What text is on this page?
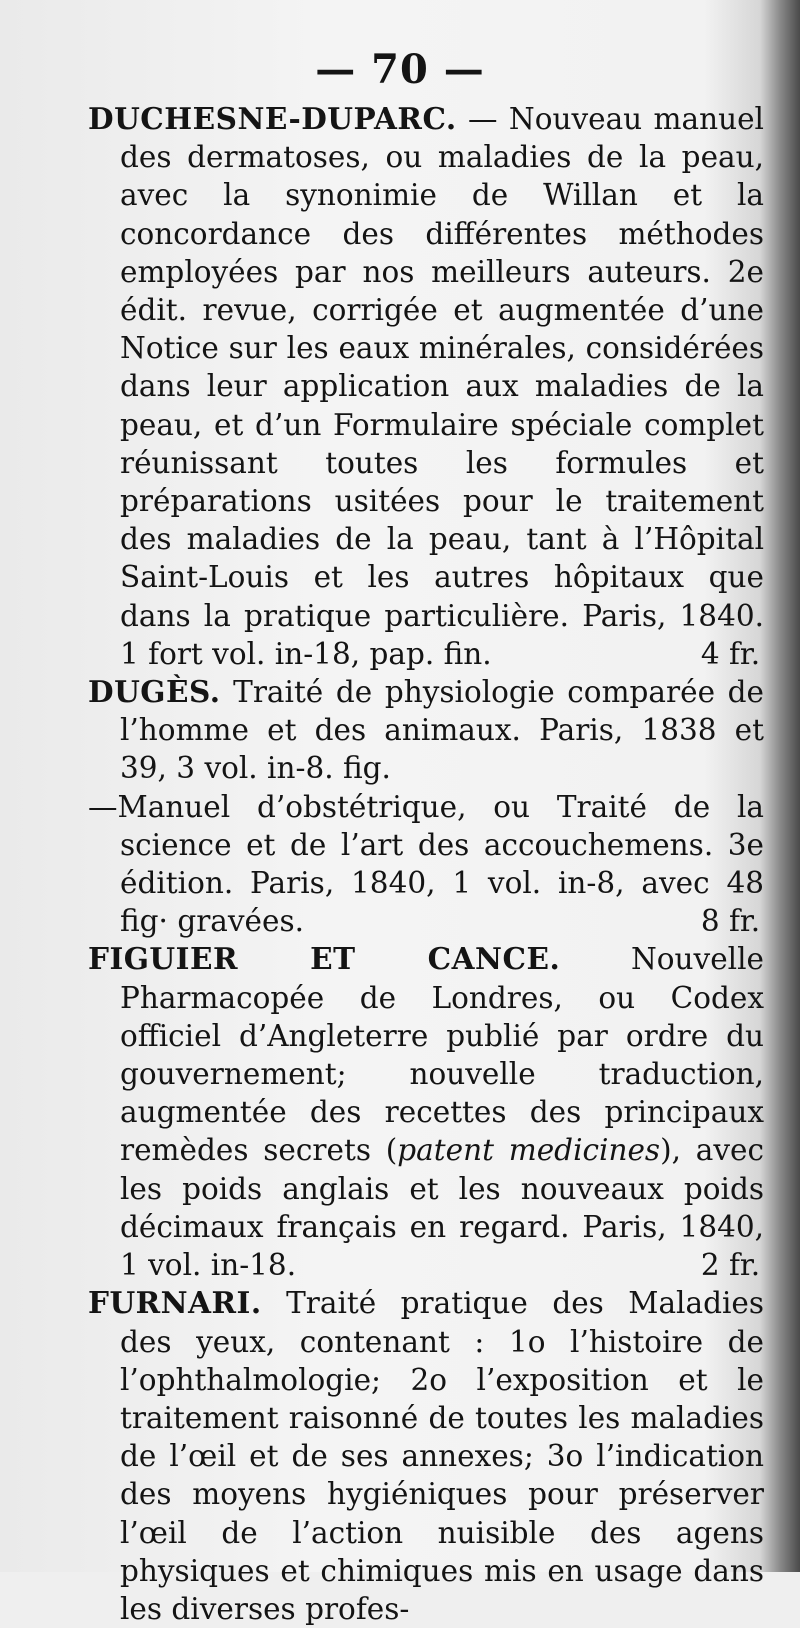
— 70 —

DUCHESNE-DUPARC. — Nouveau manuel des dermatoses, ou maladies de la peau, avec la synonimie de Willan et la concordance des différentes méthodes employées par nos meilleurs auteurs. 2e édit. revue, corrigée et augmentée d’une Notice sur les eaux minérales, considérées dans leur application aux maladies de la peau, et d’un Formulaire spéciale complet réunissant toutes les formules et préparations usitées pour le traitement des maladies de la peau, tant à l’Hôpital Saint-Louis et les autres hôpitaux que dans la pratique particulière. Paris, 1840. 1 fort vol. in-18, pap. fin.	4 fr.

DUGÈS. Traité de physiologie comparée de l’homme et des animaux. Paris, 1838 et 39, 3 vol. in-8. fig.

—Manuel d’obstétrique, ou Traité de la science et de l’art des accouchemens. 3e édition. Paris, 1840, 1 vol. in-8, avec 48 fig· gravées.	8 fr.

FIGUIER ET CANCE. Nouvelle Pharmacopée de Londres, ou Codex officiel d’Angleterre publié par ordre du gouvernement; nouvelle traduction, augmentée des recettes des principaux remèdes secrets (patent medicines), avec les poids anglais et les nouveaux poids décimaux français en regard. Paris, 1840, 1 vol. in-18.	2 fr.

FURNARI. Traité pratique des Maladies des yeux, contenant : 1o l’histoire de l’ophthalmologie; 2o l’exposition et le traitement raisonné de toutes les maladies de l’œil et de ses annexes; 3o l’indication des moyens hygiéniques pour préserver l’œil de l’action nuisible des agens physiques et chimiques mis en usage dans les diverses profes-
